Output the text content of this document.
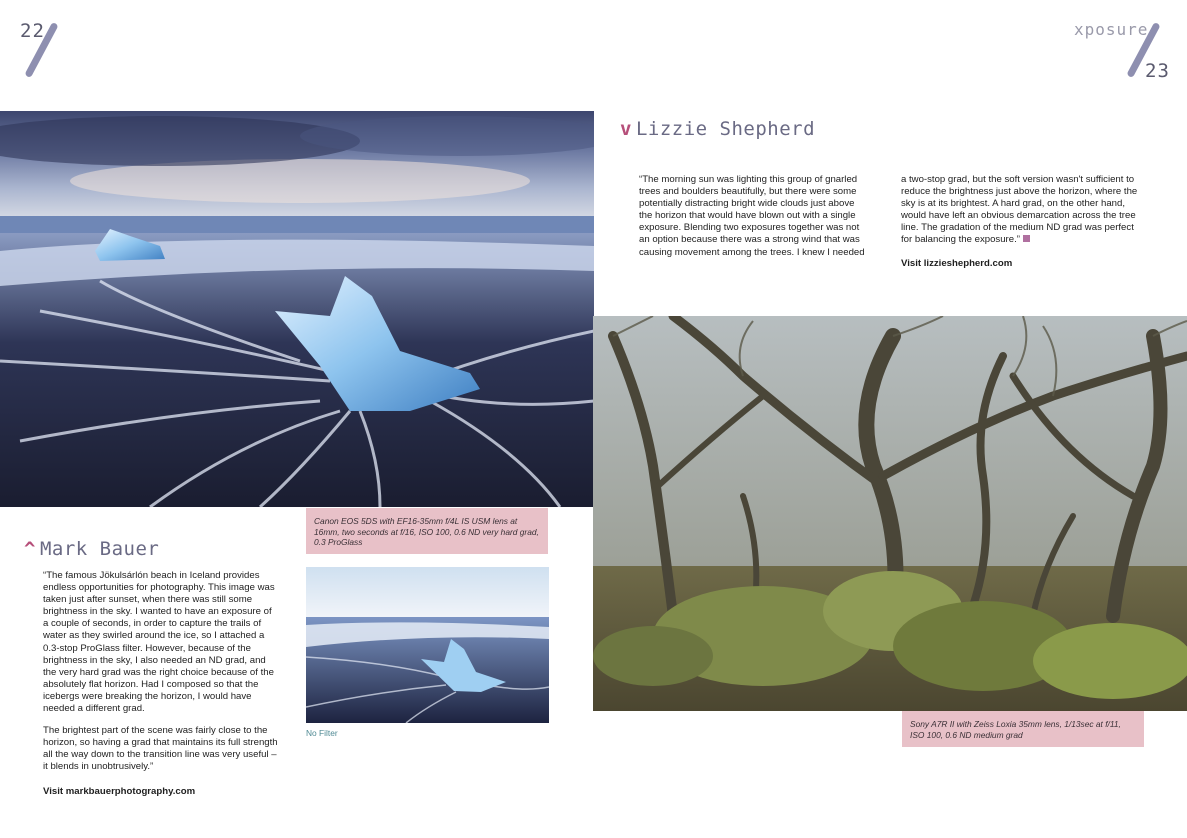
22	xposure
23
Canon EOS 5DS with EF16-35mm f/4L IS USM lens at 16mm, two seconds at f/16, ISO 100, 0.6 ND very hard grad, 0.3 ProGlass
No Filter
^ Mark Bauer

“The famous Jökulsárlón beach in Iceland provides endless opportunities for photography. This image was taken just after sunset, when there was still some brightness in the sky. I wanted to have an exposure of a couple of seconds, in order to capture the trails of water as they swirled around the ice, so I attached a 0.3-stop ProGlass filter. However, because of the brightness in the sky, I also needed an ND grad, and the very hard grad was the right choice because of the absolutely flat horizon. Had I composed so that the icebergs were breaking the horizon, I would have needed a different grad.

The brightest part of the scene was fairly close to the horizon, so having a grad that maintains its full strength all the way down to the transition line was very useful – it blends in unobtrusively.”

Visit markbauerphotography.com
v Lizzie Shepherd
“The morning sun was lighting this group of gnarled trees and boulders beautifully, but there were some potentially distracting bright wide clouds just above the horizon that would have blown out with a single exposure. Blending two exposures together was not an option because there was a strong wind that was causing movement among the trees. I knew I needed
a two-stop grad, but the soft version wasn't sufficient to reduce the brightness just above the horizon, where the sky is at its brightest. A hard grad, on the other hand, would have left an obvious demarcation across the tree line. The gradation of the medium ND grad was perfect for balancing the exposure.”
Visit lizzieshepherd.com
Sony A7R II with Zeiss Loxia 35mm lens, 1/13sec at f/11, ISO 100, 0.6 ND medium grad
